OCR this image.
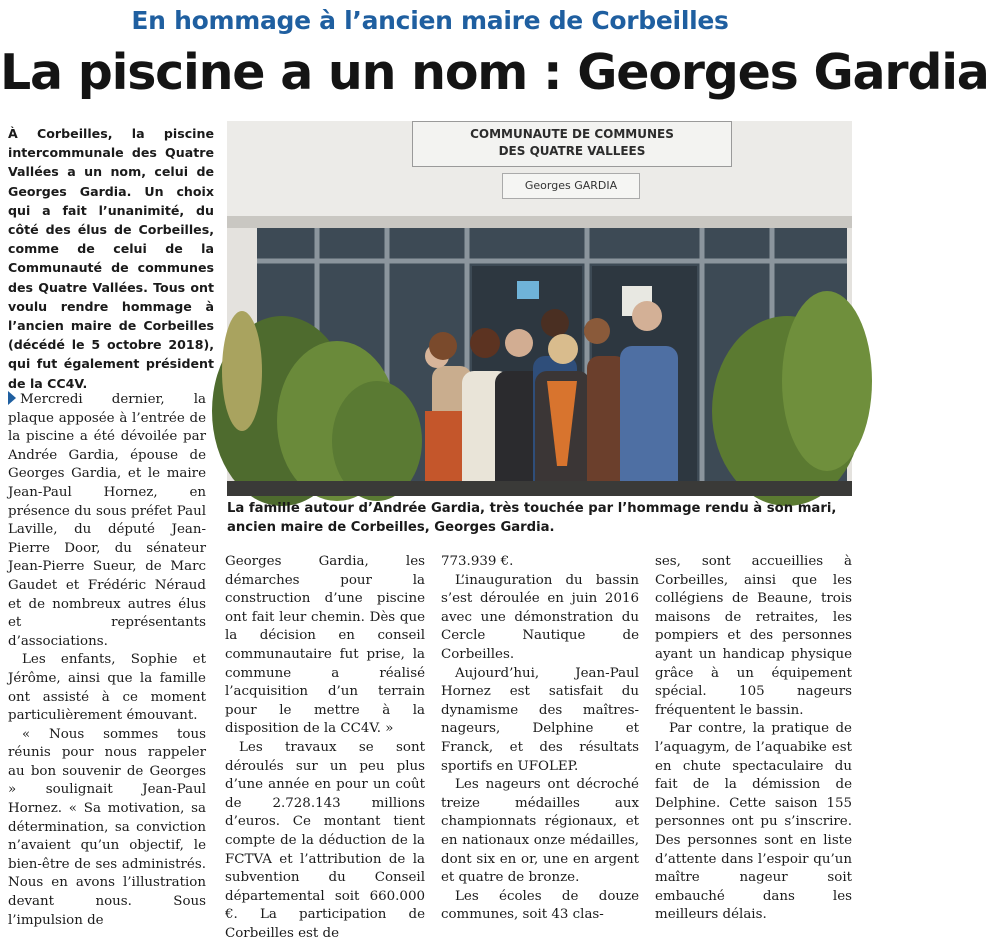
En hommage à l’ancien maire de Corbeilles
La piscine a un nom : Georges Gardia
À Corbeilles, la piscine intercommunale des Quatre Vallées a un nom, celui de Georges Gardia. Un choix qui a fait l’unanimité, du côté des élus de Corbeilles, comme de celui de la Communauté de communes des Quatre Vallées. Tous ont voulu rendre hommage à l’ancien maire de Corbeilles (décédé le 5 octobre 2018), qui fut également président de la CC4V.
COMMUNAUTE DE COMMUNES
DES QUATRE VALLEES
Georges GARDIA
La famille autour d’Andrée Gardia, très touchée par l’hommage rendu à son mari, ancien maire de Corbeilles, Georges Gardia.

Mercredi dernier, la plaque apposée à l’entrée de la piscine a été dévoilée par Andrée Gardia, épouse de Georges Gardia, et le maire Jean-Paul Hornez, en présence du sous préfet Paul Laville, du député Jean-Pierre Door, du sénateur Jean-Pierre Sueur, de Marc Gaudet et Frédéric Néraud et de nombreux autres élus et représentants d’associations.

Les enfants, Sophie et Jérôme, ainsi que la famille ont assisté à ce moment particulièrement émouvant.

« Nous sommes tous réunis pour nous rappeler au bon souvenir de Georges » soulignait Jean-Paul Hornez. « Sa motivation, sa détermination, sa conviction n’avaient qu’un objectif, le bien-être de ses administrés. Nous en avons l’illustration devant nous. Sous l’impulsion de

Georges Gardia, les démarches pour la construction d’une piscine ont fait leur chemin. Dès que la décision en conseil communautaire fut prise, la commune a réalisé l’acquisition d’un terrain pour le mettre à la disposition de la CC4V. »

Les travaux se sont déroulés sur un peu plus d’une année en pour un coût de 2.728.143 millions d’euros. Ce montant tient compte de la déduction de la FCTVA et l’attribution de la subvention du Conseil départemental soit 660.000 €. La participation de Corbeilles est de

773.939 €.

L’inauguration du bassin s’est déroulée en juin 2016 avec une démonstration du Cercle Nautique de Corbeilles.

Aujourd’hui, Jean-Paul Hornez est satisfait du dynamisme des maîtres-nageurs, Delphine et Franck, et des résultats sportifs en UFOLEP.

Les nageurs ont décroché treize médailles aux championnats régionaux, et en nationaux onze médailles, dont six en or, une en argent et quatre de bronze.

Les écoles de douze communes, soit 43 clas-

ses, sont accueillies à Corbeilles, ainsi que les collégiens de Beaune, trois maisons de retraites, les pompiers et des personnes ayant un handicap physique grâce à un équipement spécial. 105 nageurs fréquentent le bassin.

Par contre, la pratique de l’aquagym, de l’aquabike est en chute spectaculaire du fait de la démission de Delphine. Cette saison 155 personnes ont pu s’inscrire. Des personnes sont en liste d’attente dans l’espoir qu’un maître nageur soit embauché dans les meilleurs délais.
